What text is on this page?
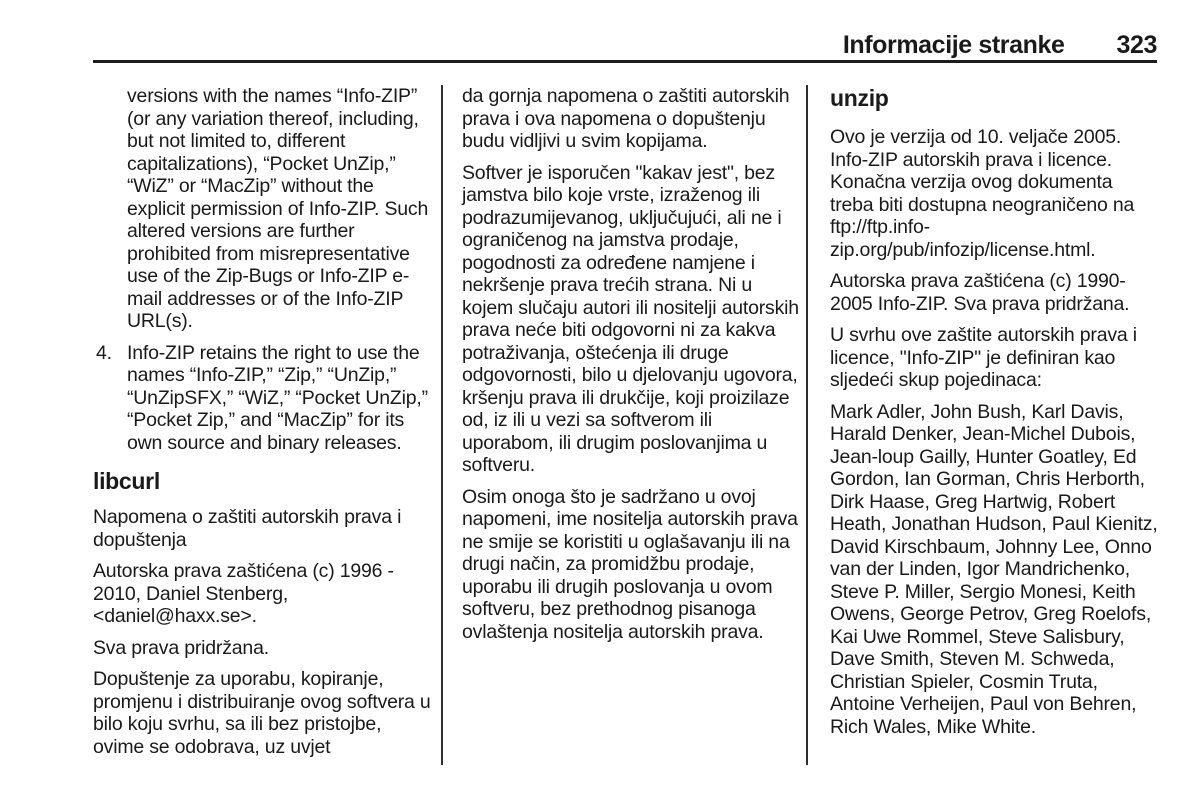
Informacije stranke 323
versions with the names “Info-ZIP” (or any variation thereof, including, but not limited to, different capitalizations), “Pocket UnZip,” “WiZ” or “MacZip” without the explicit permission of Info-ZIP. Such altered versions are further prohibited from misrepresentative use of the Zip-Bugs or Info-ZIP e-mail addresses or of the Info-ZIP URL(s).
4. Info-ZIP retains the right to use the names “Info-ZIP,” “Zip,” “UnZip,” “UnZipSFX,” “WiZ,” “Pocket UnZip,” “Pocket Zip,” and “MacZip” for its own source and binary releases.
libcurl

Napomena o zaštiti autorskih prava i dopuštenja

Autorska prava zaštićena (c) 1996 - 2010, Daniel Stenberg, <daniel@haxx.se>.

Sva prava pridržana.

Dopuštenje za uporabu, kopiranje, promjenu i distribuiranje ovog softvera u bilo koju svrhu, sa ili bez pristojbe, ovime se odobrava, uz uvjet

da gornja napomena o zaštiti autorskih prava i ova napomena o dopuštenju budu vidljivi u svim kopijama.

Softver je isporučen "kakav jest", bez jamstva bilo koje vrste, izraženog ili podrazumijevanog, uključujući, ali ne i ograničenog na jamstva prodaje, pogodnosti za određene namjene i nekršenje prava trećih strana. Ni u kojem slučaju autori ili nositelji autorskih prava neće biti odgovorni ni za kakva potraživanja, oštećenja ili druge odgovornosti, bilo u djelovanju ugovora, kršenju prava ili drukčije, koji proizilaze od, iz ili u vezi sa softverom ili uporabom, ili drugim poslovanjima u softveru.

Osim onoga što je sadržano u ovoj napomeni, ime nositelja autorskih prava ne smije se koristiti u oglašavanju ili na drugi način, za promidžbu prodaje, uporabu ili drugih poslovanja u ovom softveru, bez prethodnog pisanoga ovlaštenja nositelja autorskih prava.

unzip

Ovo je verzija od 10. veljače 2005. Info-ZIP autorskih prava i licence. Konačna verzija ovog dokumenta treba biti dostupna neograničeno na ftp://ftp.info-zip.org/pub/infozip/license.html.

Autorska prava zaštićena (c) 1990-2005 Info-ZIP. Sva prava pridržana.

U svrhu ove zaštite autorskih prava i licence, "Info-ZIP" je definiran kao sljedeći skup pojedinaca:

Mark Adler, John Bush, Karl Davis, Harald Denker, Jean-Michel Dubois, Jean-loup Gailly, Hunter Goatley, Ed Gordon, Ian Gorman, Chris Herborth, Dirk Haase, Greg Hartwig, Robert Heath, Jonathan Hudson, Paul Kienitz, David Kirschbaum, Johnny Lee, Onno van der Linden, Igor Mandrichenko, Steve P. Miller, Sergio Monesi, Keith Owens, George Petrov, Greg Roelofs, Kai Uwe Rommel, Steve Salisbury, Dave Smith, Steven M. Schweda, Christian Spieler, Cosmin Truta, Antoine Verheijen, Paul von Behren, Rich Wales, Mike White.
